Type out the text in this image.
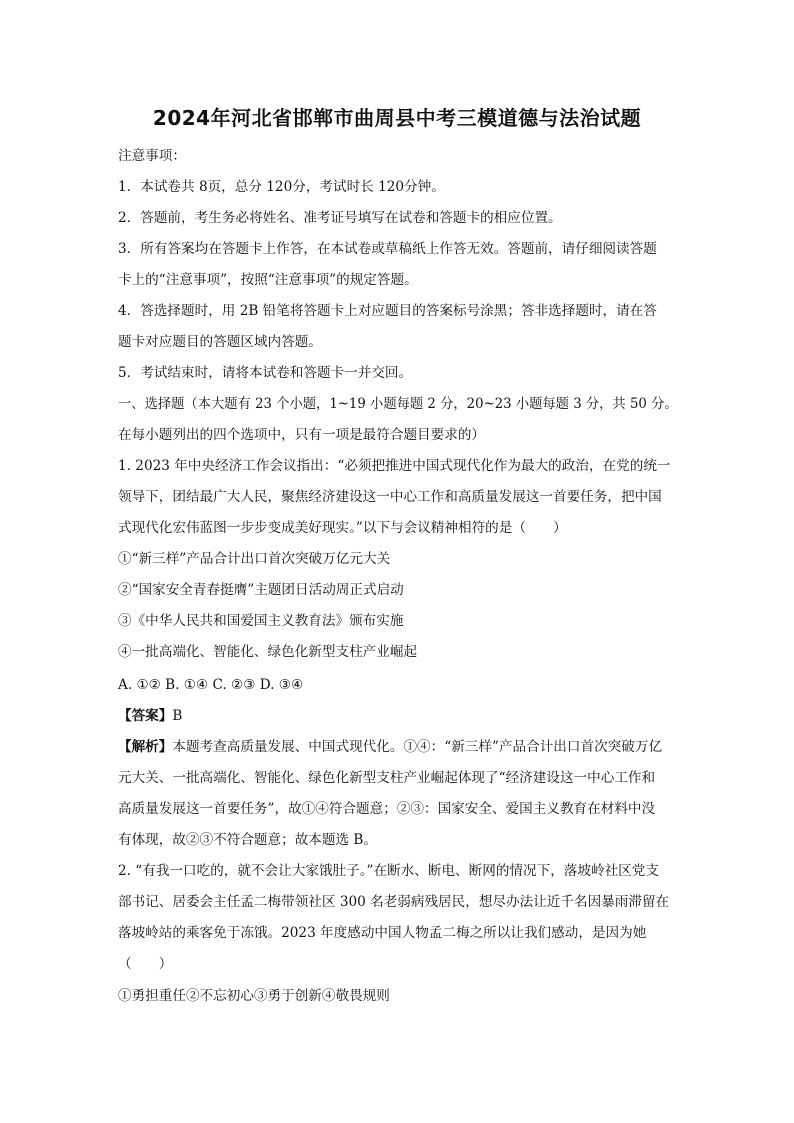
2024年河北省邯郸市曲周县中考三模道德与法治试题
注意事项：
1．本试卷共 8页，总分 120分，考试时长 120分钟。
2．答题前，考生务必将姓名、准考证号填写在试卷和答题卡的相应位置。
3．所有答案均在答题卡上作答，在本试卷或草稿纸上作答无效。答题前，请仔细阅读答题
卡上的“注意事项”，按照“注意事项”的规定答题。
4．答选择题时，用 2B 铅笔将答题卡上对应题目的答案标号涂黑；答非选择题时，请在答
题卡对应题目的答题区域内答题。
5．考试结束时，请将本试卷和答题卡一并交回。
一、选择题（本大题有 23 个小题，1~19 小题每题 2 分，20~23 小题每题 3 分，共 50 分。
在每小题列出的四个选项中，只有一项是最符合题目要求的）
1. 2023 年中央经济工作会议指出：“必须把推进中国式现代化作为最大的政治，在党的统一
领导下，团结最广大人民，聚焦经济建设这一中心工作和高质量发展这一首要任务，把中国
式现代化宏伟蓝图一步步变成美好现实。”以下与会议精神相符的是（　　）
①“新三样”产品合计出口首次突破万亿元大关
②“国家安全青春挺膺”主题团日活动周正式启动
③《中华人民共和国爱国主义教育法》颁布实施
④一批高端化、智能化、绿色化新型支柱产业崛起
A. ①② B. ①④ C. ②③ D. ③④
【答案】B
【解析】本题考查高质量发展、中国式现代化。①④：“新三样”产品合计出口首次突破万亿
元大关、一批高端化、智能化、绿色化新型支柱产业崛起体现了“经济建设这一中心工作和
高质量发展这一首要任务”，故①④符合题意；②③：国家安全、爱国主义教育在材料中没
有体现，故②③不符合题意；故本题选 B。
2. “有我一口吃的，就不会让大家饿肚子。”在断水、断电、断网的情况下，落坡岭社区党支
部书记、居委会主任孟二梅带领社区 300 名老弱病残居民，想尽办法让近千名因暴雨滞留在
落坡岭站的乘客免于冻饿。2023 年度感动中国人物孟二梅之所以让我们感动，是因为她
（　　）
①勇担重任②不忘初心③勇于创新④敬畏规则
